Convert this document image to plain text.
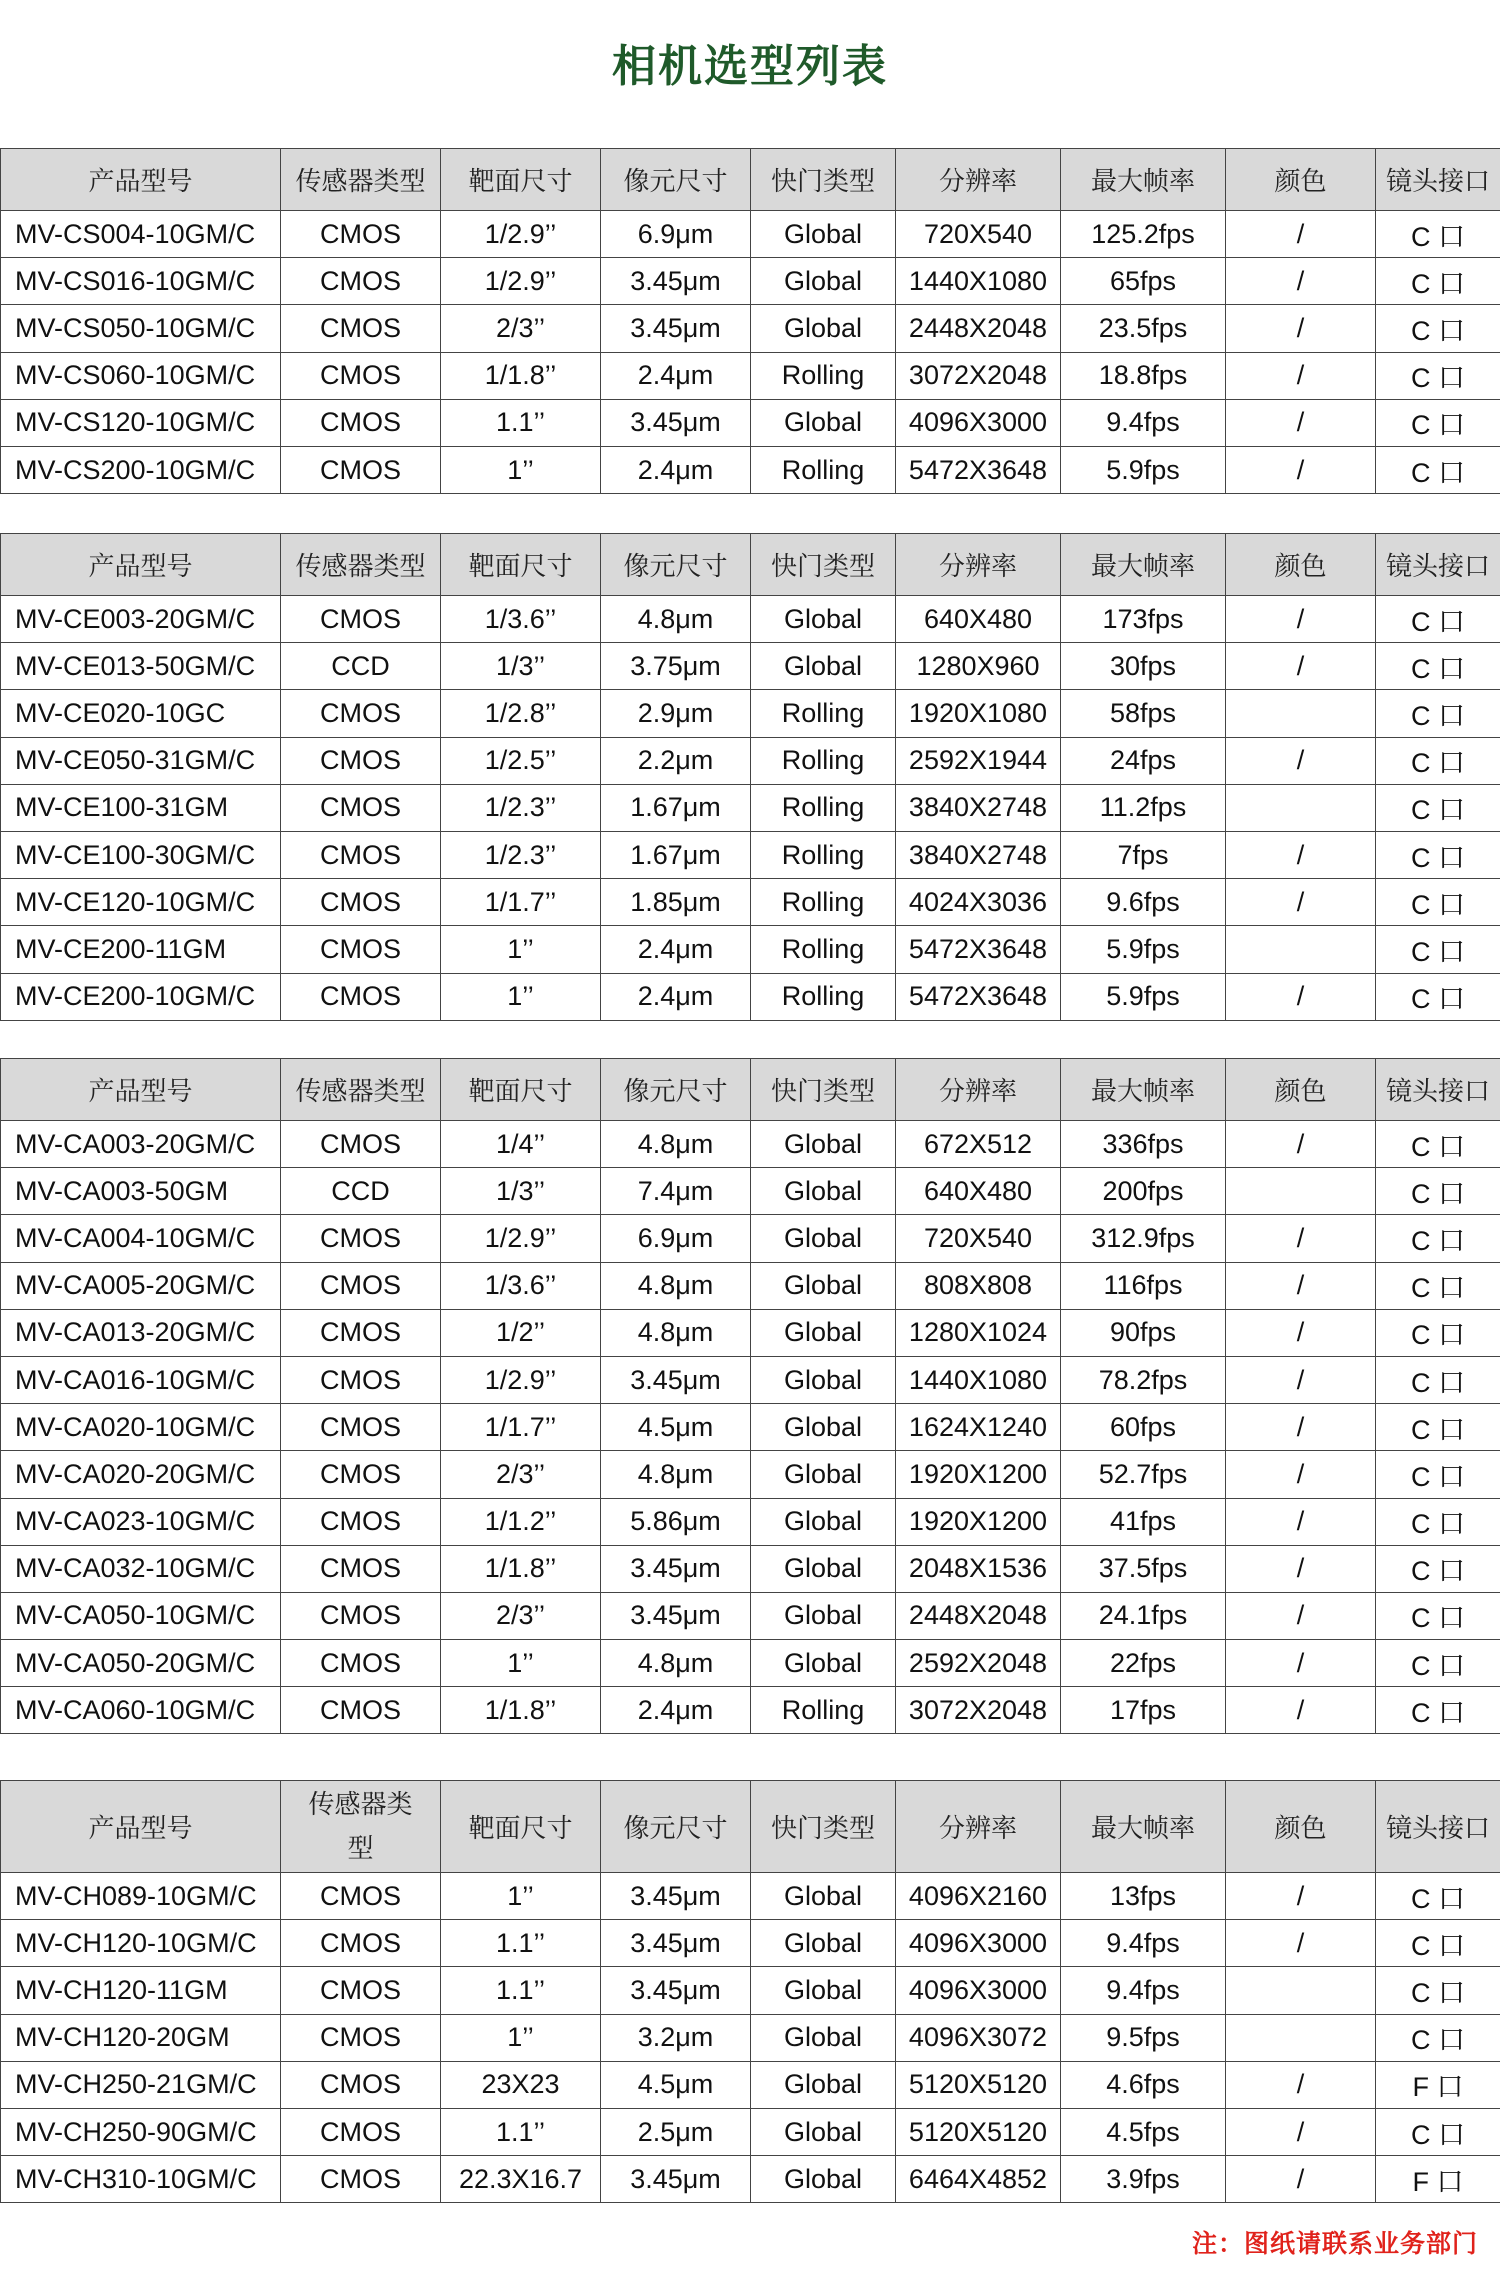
相机选型列表
产品型号	传感器类型	靶面尺寸	像元尺寸	快门类型	分辨率	最大帧率	颜色	镜头接口
MV-CS004-10GM/C	CMOS	1/2.9’’	6.9μm	Global	720X540	125.2fps	/	C 口
MV-CS016-10GM/C	CMOS	1/2.9’’	3.45μm	Global	1440X1080	65fps	/	C 口
MV-CS050-10GM/C	CMOS	2/3’’	3.45μm	Global	2448X2048	23.5fps	/	C 口
MV-CS060-10GM/C	CMOS	1/1.8’’	2.4μm	Rolling	3072X2048	18.8fps	/	C 口
MV-CS120-10GM/C	CMOS	1.1’’	3.45μm	Global	4096X3000	9.4fps	/	C 口
MV-CS200-10GM/C	CMOS	1’’	2.4μm	Rolling	5472X3648	5.9fps	/	C 口
产品型号	传感器类型	靶面尺寸	像元尺寸	快门类型	分辨率	最大帧率	颜色	镜头接口
MV-CE003-20GM/C	CMOS	1/3.6’’	4.8μm	Global	640X480	173fps	/	C 口
MV-CE013-50GM/C	CCD	1/3’’	3.75μm	Global	1280X960	30fps	/	C 口
MV-CE020-10GC	CMOS	1/2.8’’	2.9μm	Rolling	1920X1080	58fps		C 口
MV-CE050-31GM/C	CMOS	1/2.5’’	2.2μm	Rolling	2592X1944	24fps	/	C 口
MV-CE100-31GM	CMOS	1/2.3’’	1.67μm	Rolling	3840X2748	11.2fps		C 口
MV-CE100-30GM/C	CMOS	1/2.3’’	1.67μm	Rolling	3840X2748	7fps	/	C 口
MV-CE120-10GM/C	CMOS	1/1.7’’	1.85μm	Rolling	4024X3036	9.6fps	/	C 口
MV-CE200-11GM	CMOS	1’’	2.4μm	Rolling	5472X3648	5.9fps		C 口
MV-CE200-10GM/C	CMOS	1’’	2.4μm	Rolling	5472X3648	5.9fps	/	C 口
产品型号	传感器类型	靶面尺寸	像元尺寸	快门类型	分辨率	最大帧率	颜色	镜头接口
MV-CA003-20GM/C	CMOS	1/4’’	4.8μm	Global	672X512	336fps	/	C 口
MV-CA003-50GM	CCD	1/3’’	7.4μm	Global	640X480	200fps		C 口
MV-CA004-10GM/C	CMOS	1/2.9’’	6.9μm	Global	720X540	312.9fps	/	C 口
MV-CA005-20GM/C	CMOS	1/3.6’’	4.8μm	Global	808X808	116fps	/	C 口
MV-CA013-20GM/C	CMOS	1/2’’	4.8μm	Global	1280X1024	90fps	/	C 口
MV-CA016-10GM/C	CMOS	1/2.9’’	3.45μm	Global	1440X1080	78.2fps	/	C 口
MV-CA020-10GM/C	CMOS	1/1.7’’	4.5μm	Global	1624X1240	60fps	/	C 口
MV-CA020-20GM/C	CMOS	2/3’’	4.8μm	Global	1920X1200	52.7fps	/	C 口
MV-CA023-10GM/C	CMOS	1/1.2’’	5.86μm	Global	1920X1200	41fps	/	C 口
MV-CA032-10GM/C	CMOS	1/1.8’’	3.45μm	Global	2048X1536	37.5fps	/	C 口
MV-CA050-10GM/C	CMOS	2/3’’	3.45μm	Global	2448X2048	24.1fps	/	C 口
MV-CA050-20GM/C	CMOS	1’’	4.8μm	Global	2592X2048	22fps	/	C 口
MV-CA060-10GM/C	CMOS	1/1.8’’	2.4μm	Rolling	3072X2048	17fps	/	C 口
产品型号	传感器类
型	靶面尺寸	像元尺寸	快门类型	分辨率	最大帧率	颜色	镜头接口
MV-CH089-10GM/C	CMOS	1’’	3.45μm	Global	4096X2160	13fps	/	C 口
MV-CH120-10GM/C	CMOS	1.1’’	3.45μm	Global	4096X3000	9.4fps	/	C 口
MV-CH120-11GM	CMOS	1.1’’	3.45μm	Global	4096X3000	9.4fps		C 口
MV-CH120-20GM	CMOS	1’’	3.2μm	Global	4096X3072	9.5fps		C 口
MV-CH250-21GM/C	CMOS	23X23	4.5μm	Global	5120X5120	4.6fps	/	F 口
MV-CH250-90GM/C	CMOS	1.1’’	2.5μm	Global	5120X5120	4.5fps	/	C 口
MV-CH310-10GM/C	CMOS	22.3X16.7	3.45μm	Global	6464X4852	3.9fps	/	F 口
注：图纸请联系业务部门
